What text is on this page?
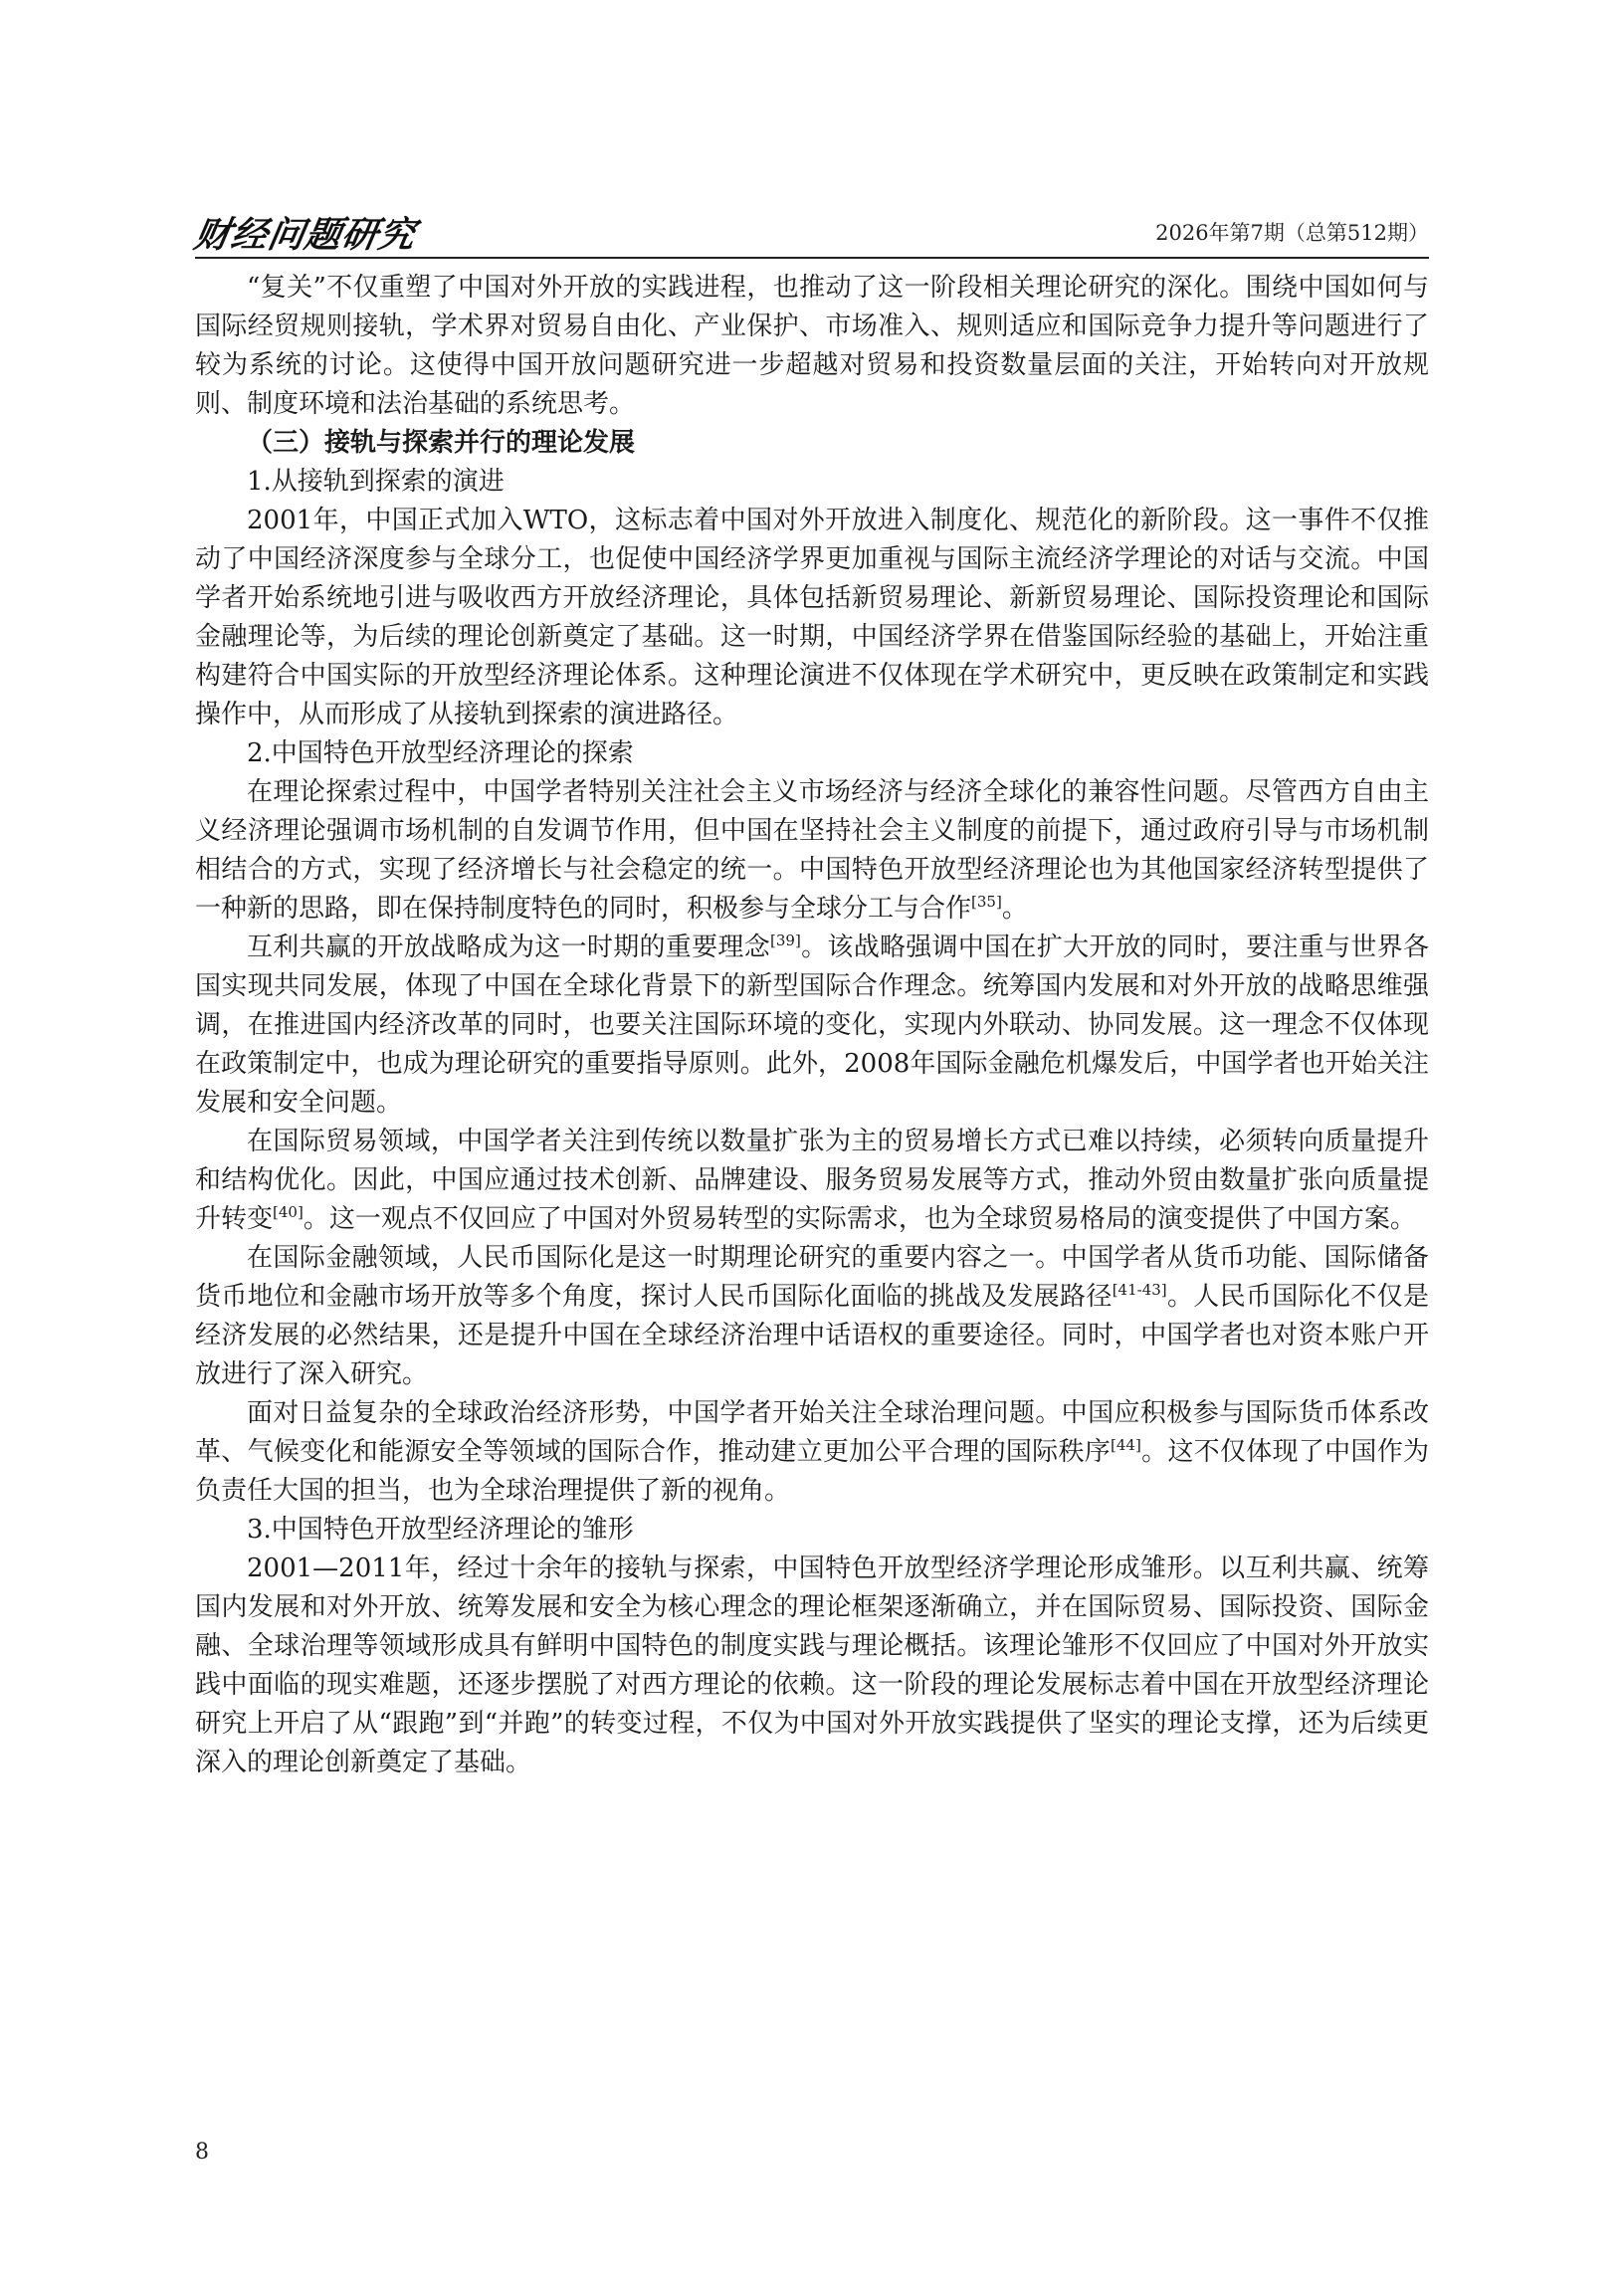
财经问题研究	2026年第7期（总第512期）

“复关”不仅重塑了中国对外开放的实践进程，也推动了这一阶段相关理论研究的深化。围绕中国如何与国际经贸规则接轨，学术界对贸易自由化、产业保护、市场准入、规则适应和国际竞争力提升等问题进行了较为系统的讨论。这使得中国开放问题研究进一步超越对贸易和投资数量层面的关注，开始转向对开放规则、制度环境和法治基础的系统思考。

（三）接轨与探索并行的理论发展
1.从接轨到探索的演进

2001年，中国正式加入WTO，这标志着中国对外开放进入制度化、规范化的新阶段。这一事件不仅推动了中国经济深度参与全球分工，也促使中国经济学界更加重视与国际主流经济学理论的对话与交流。中国学者开始系统地引进与吸收西方开放经济理论，具体包括新贸易理论、新新贸易理论、国际投资理论和国际金融理论等，为后续的理论创新奠定了基础。这一时期，中国经济学界在借鉴国际经验的基础上，开始注重构建符合中国实际的开放型经济理论体系。这种理论演进不仅体现在学术研究中，更反映在政策制定和实践操作中，从而形成了从接轨到探索的演进路径。

2.中国特色开放型经济理论的探索

在理论探索过程中，中国学者特别关注社会主义市场经济与经济全球化的兼容性问题。尽管西方自由主义经济理论强调市场机制的自发调节作用，但中国在坚持社会主义制度的前提下，通过政府引导与市场机制相结合的方式，实现了经济增长与社会稳定的统一。中国特色开放型经济理论也为其他国家经济转型提供了一种新的思路，即在保持制度特色的同时，积极参与全球分工与合作[35]。

互利共赢的开放战略成为这一时期的重要理念[39]。该战略强调中国在扩大开放的同时，要注重与世界各国实现共同发展，体现了中国在全球化背景下的新型国际合作理念。统筹国内发展和对外开放的战略思维强调，在推进国内经济改革的同时，也要关注国际环境的变化，实现内外联动、协同发展。这一理念不仅体现在政策制定中，也成为理论研究的重要指导原则。此外，2008年国际金融危机爆发后，中国学者也开始关注发展和安全问题。

在国际贸易领域，中国学者关注到传统以数量扩张为主的贸易增长方式已难以持续，必须转向质量提升和结构优化。因此，中国应通过技术创新、品牌建设、服务贸易发展等方式，推动外贸由数量扩张向质量提升转变[40]。这一观点不仅回应了中国对外贸易转型的实际需求，也为全球贸易格局的演变提供了中国方案。

在国际金融领域，人民币国际化是这一时期理论研究的重要内容之一。中国学者从货币功能、国际储备货币地位和金融市场开放等多个角度，探讨人民币国际化面临的挑战及发展路径[41-43]。人民币国际化不仅是经济发展的必然结果，还是提升中国在全球经济治理中话语权的重要途径。同时，中国学者也对资本账户开放进行了深入研究。

面对日益复杂的全球政治经济形势，中国学者开始关注全球治理问题。中国应积极参与国际货币体系改革、气候变化和能源安全等领域的国际合作，推动建立更加公平合理的国际秩序[44]。这不仅体现了中国作为负责任大国的担当，也为全球治理提供了新的视角。

3.中国特色开放型经济理论的雏形

2001—2011年，经过十余年的接轨与探索，中国特色开放型经济学理论形成雏形。以互利共赢、统筹国内发展和对外开放、统筹发展和安全为核心理念的理论框架逐渐确立，并在国际贸易、国际投资、国际金融、全球治理等领域形成具有鲜明中国特色的制度实践与理论概括。该理论雏形不仅回应了中国对外开放实践中面临的现实难题，还逐步摆脱了对西方理论的依赖。这一阶段的理论发展标志着中国在开放型经济理论研究上开启了从“跟跑”到“并跑”的转变过程，不仅为中国对外开放实践提供了坚实的理论支撑，还为后续更深入的理论创新奠定了基础。

8
